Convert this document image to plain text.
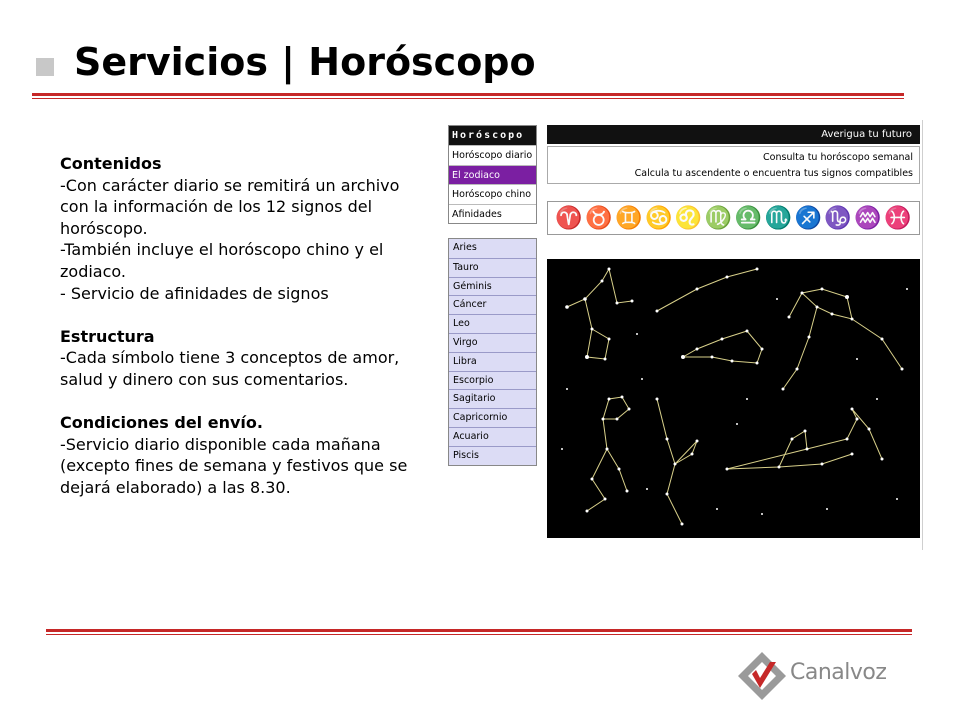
Servicios | Horóscopo
Contenidos
-Con carácter diario se remitirá un archivo
con la información de los 12 signos del
horóscopo.
-También incluye el horóscopo chino y el
zodiaco.
- Servicio de afinidades de signos
Estructura
-Cada símbolo tiene 3 conceptos de amor,
salud y dinero con sus comentarios.
Condiciones del envío.
-Servicio diario disponible cada mañana
(excepto fines de semana y festivos que se
dejará elaborado) a las 8.30.
Horóscopo
Horóscopo diario
El zodiaco
Horóscopo chino
Afinidades
Aries
Tauro
Géminis
Cáncer
Leo
Virgo
Libra
Escorpio
Sagitario
Capricornio
Acuario
Piscis
Averigua tu futuro
Consulta tu horóscopo semanal
Calcula tu ascendente o encuentra tus signos compatibles
♈ ♉ ♊ ♋ ♌ ♍ ♎ ♏ ♐ ♑ ♒ ♓
Canalvoz
